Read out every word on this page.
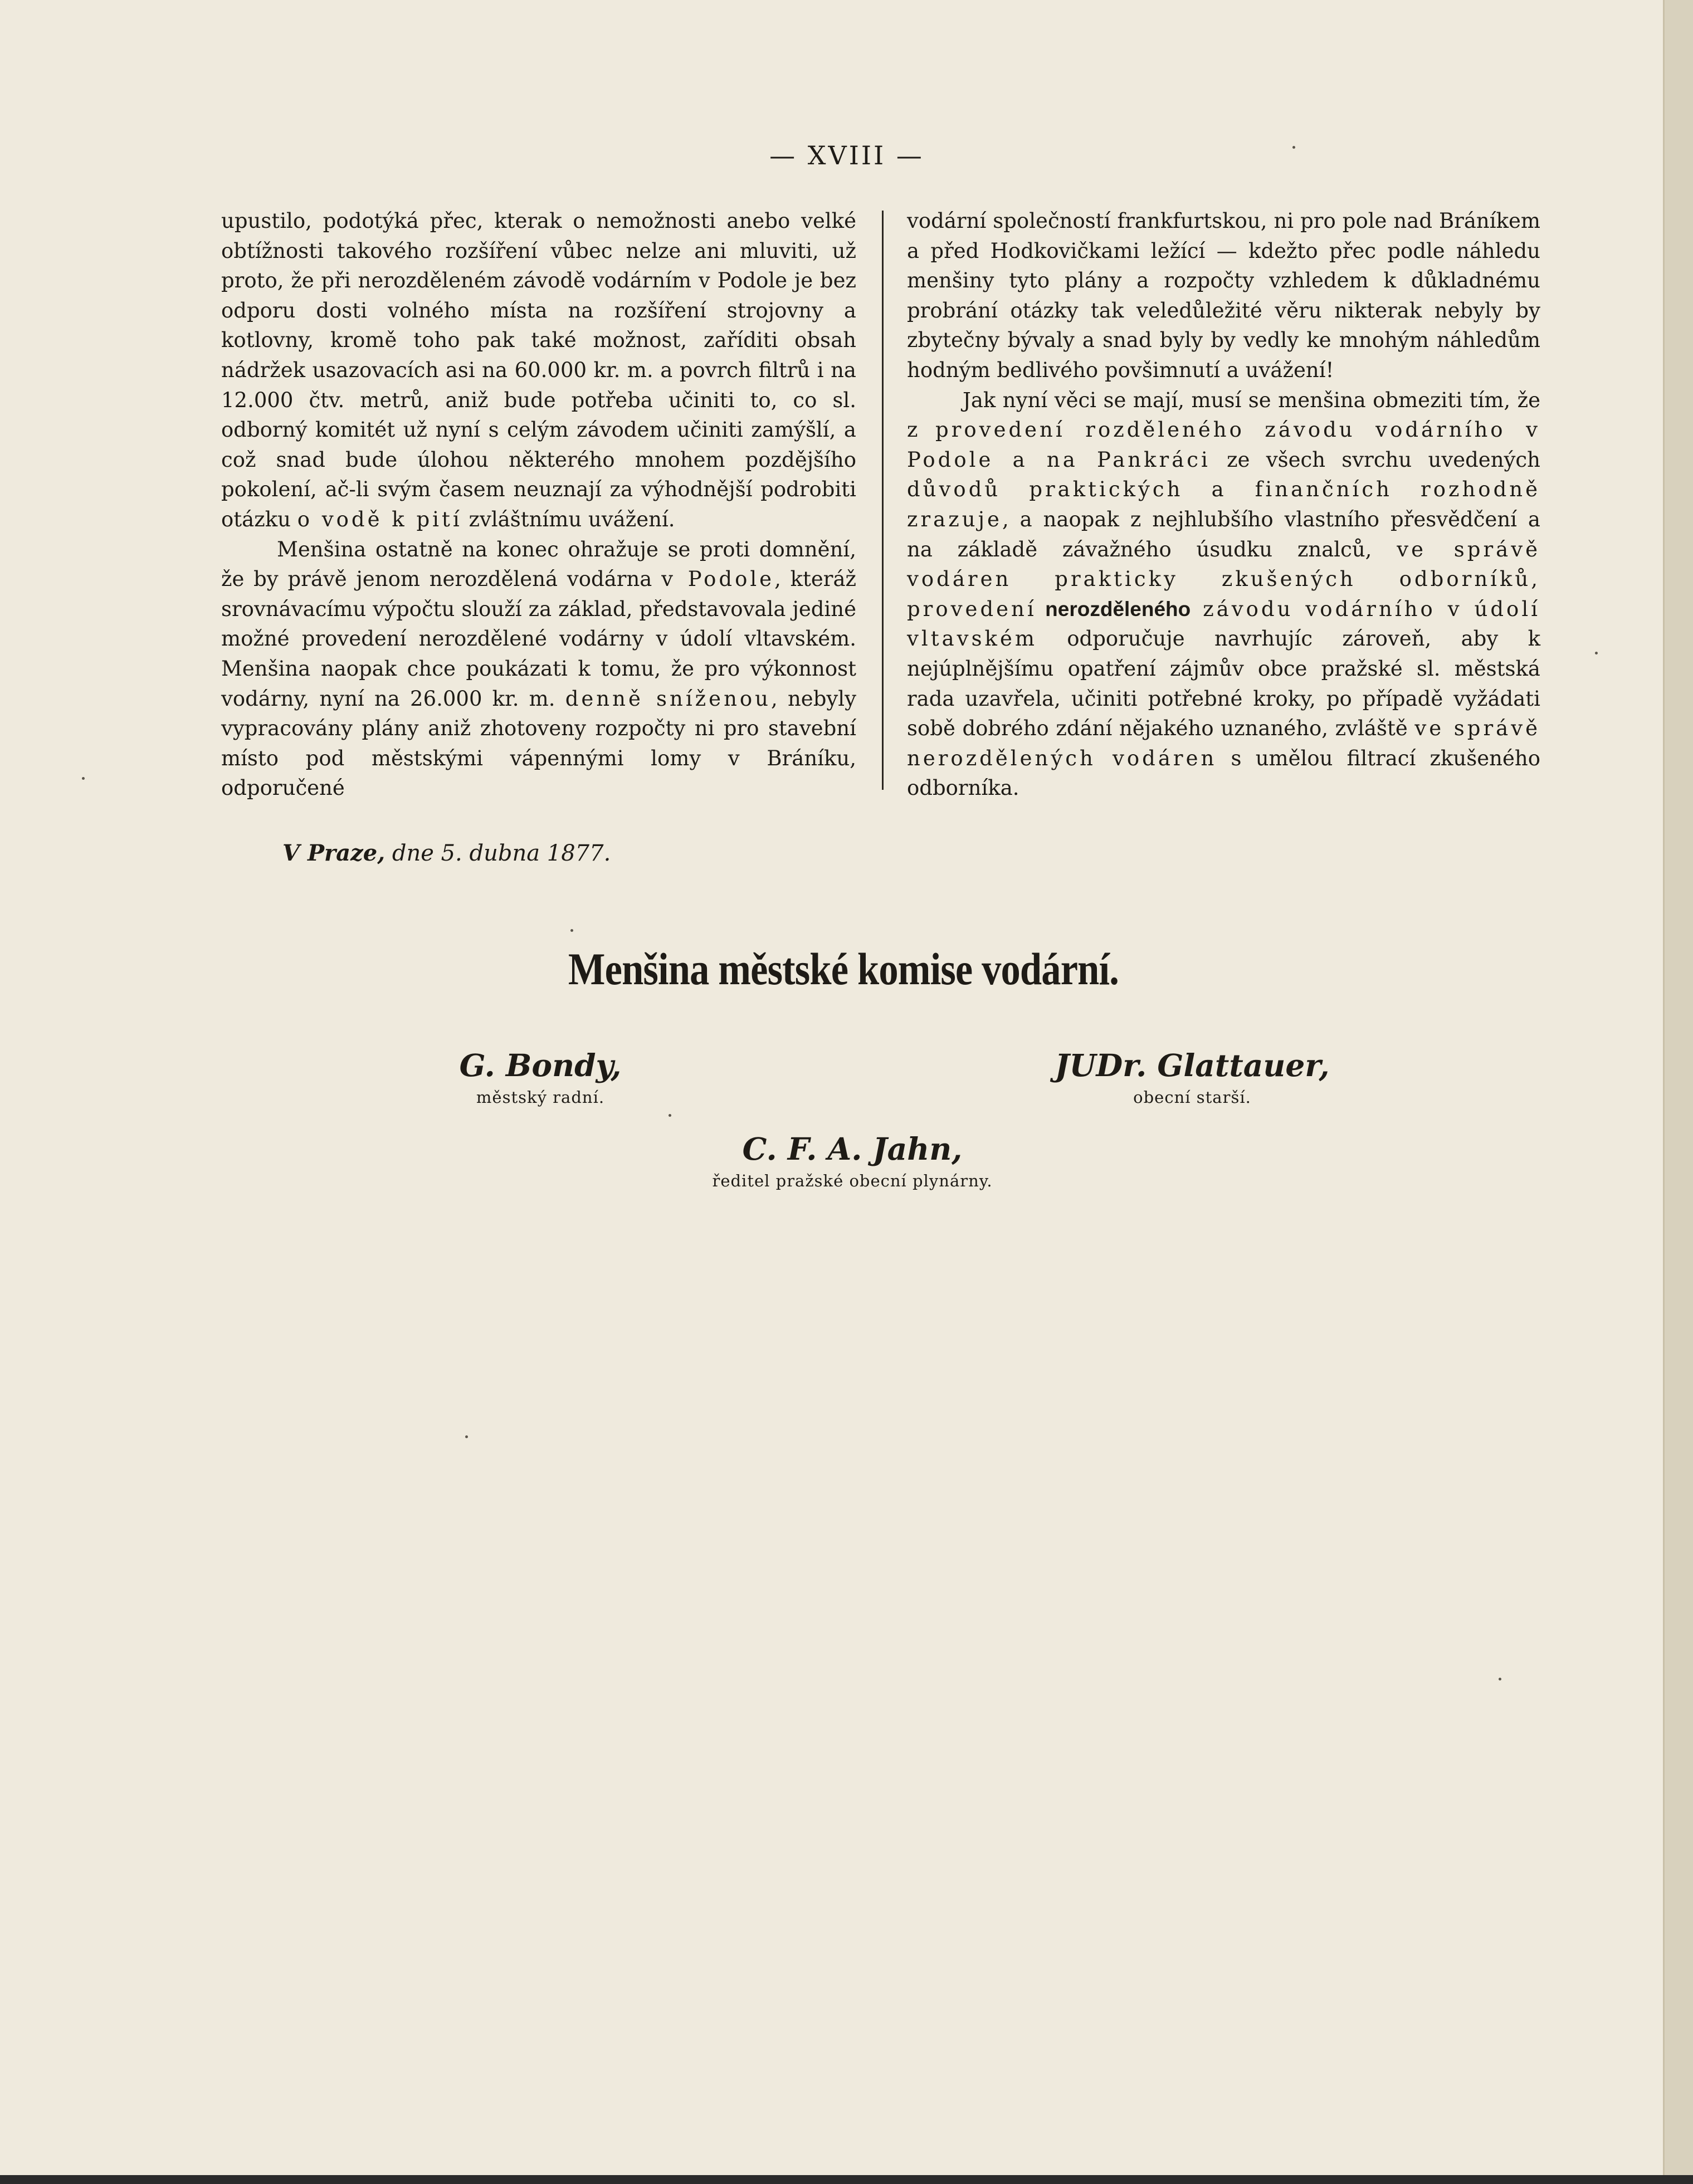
— XVIII —

upustilo, podotýká přec, kterak o nemožnosti anebo velké obtížnosti takového rozšíření vůbec nelze ani mluviti, už proto, že při nerozděleném závodě vodárním v Podole je bez odporu dosti volného místa na rozšíření strojovny a kotlovny, kromě toho pak také možnost, zaříditi obsah nádržek usazovacích asi na 60.000 kr. m. a povrch filtrů i na 12.000 čtv. metrů, aniž bude potřeba učiniti to, co sl. odborný komitét už nyní s celým závodem učiniti zamýšlí, a což snad bude úlohou některého mnohem pozdějšího pokolení, ač-li svým časem neuznají za výhodnější podrobiti otázku o vodě k pití zvláštnímu uvážení.

Menšina ostatně na konec ohražuje se proti domnění, že by právě jenom nerozdělená vodárna v Podole, kteráž srovnávacímu výpočtu slouží za základ, představovala jediné možné provedení nerozdělené vodárny v údolí vltavském. Menšina naopak chce poukázati k tomu, že pro výkonnost vodárny, nyní na 26.000 kr. m. denně sníženou, nebyly vypracovány plány aniž zhotoveny rozpočty ni pro stavební místo pod městskými vápennými lomy v Bráníku, odporučené

vodární společností frankfurtskou, ni pro pole nad Bráníkem a před Hodkovičkami ležící — kdežto přec podle náhledu menšiny tyto plány a rozpočty vzhledem k důkladnému probrání otázky tak veledůležité věru nikterak nebyly by zbytečny bývaly a snad byly by vedly ke mnohým náhledům hodným bedlivého povšimnutí a uvážení!

Jak nyní věci se mají, musí se menšina obmeziti tím, že z provedení rozděleného závodu vodárního v Podole a na Pankráci ze všech svrchu uvedených důvodů praktických a finančních rozhodně zrazuje, a naopak z nejhlubšího vlastního přesvědčení a na základě závažného úsudku znalců, ve správě vodáren prakticky zkušených odborníků, provedení nerozděleného závodu vodárního v údolí vltavském odporučuje navrhujíc zároveň, aby k nejúplnějšímu opatření zájmův obce pražské sl. městská rada uzavřela, učiniti potřebné kroky, po případě vyžádati sobě dobrého zdání nějakého uznaného, zvláště ve správě nerozdělených vodáren s umělou filtrací zkušeného odborníka.

V Praze, dne 5. dubna 1877.
Menšina městské komise vodární.
G. Bondy,
městský radní.
JUDr. Glattauer,
obecní starší.
C. F. A. Jahn,
ředitel pražské obecní plynárny.
